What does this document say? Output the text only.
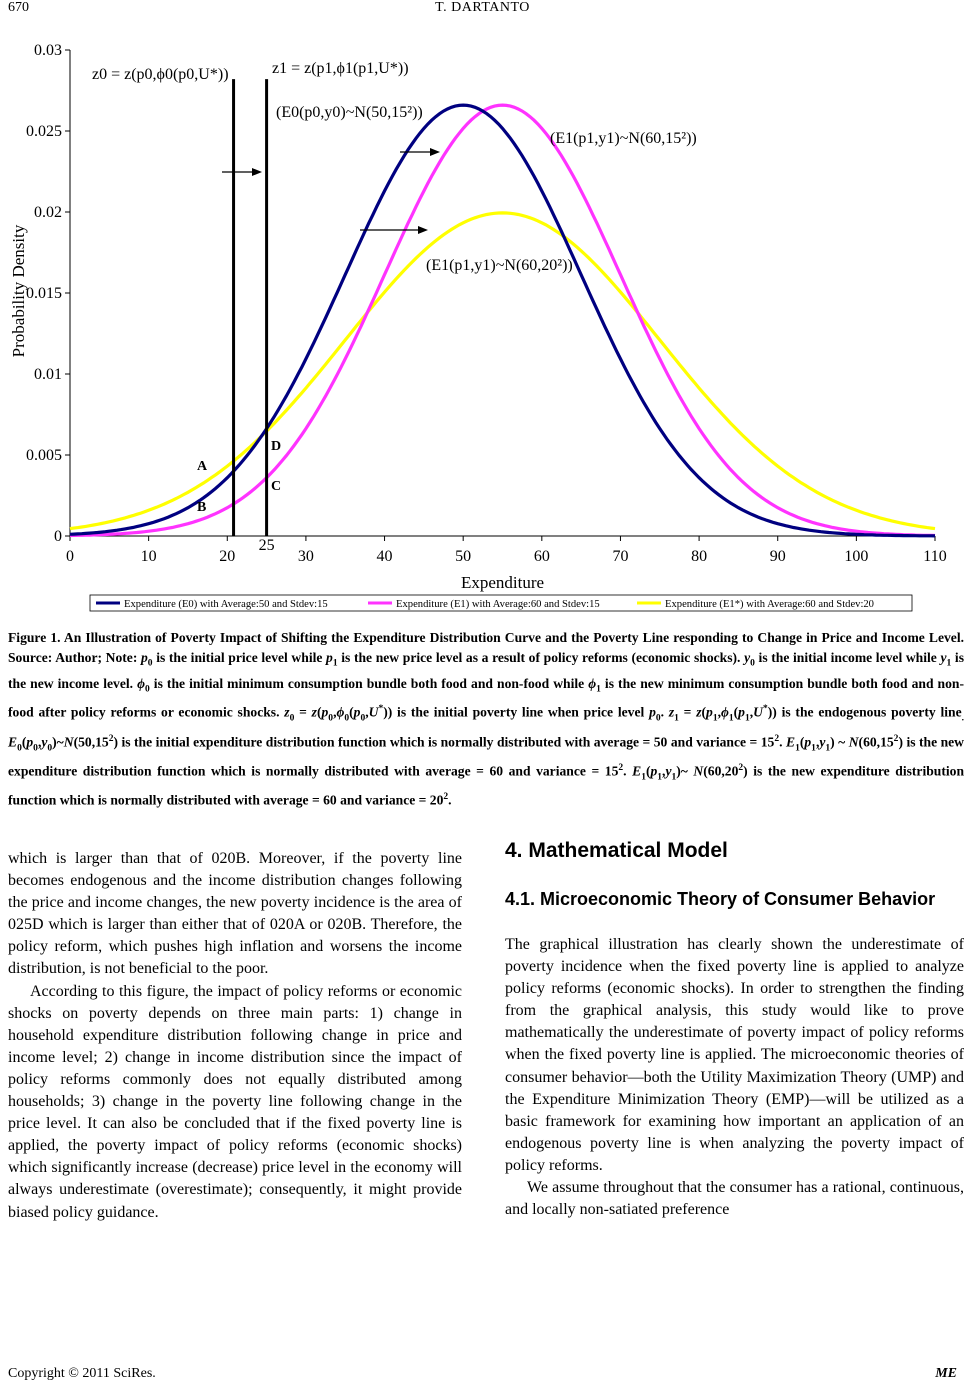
670	T. DARTANTO
0	10	20	30	40	50	60	70	80	90	100	110
0
0.005
0.01
0.015
0.02
0.025
0.03
25
Expenditure
Probability Density
z0 = z(p0,ϕ0(p0,U*))	z1 = z(p1,ϕ1(p1,U*))
(E0(p0,y0)~N(50,15²))
(E1(p1,y1)~N(60,15²))
(E1(p1,y1)~N(60,20²))
A
B
C
D
Expenditure (E0) with Average:50 and Stdev:15	Expenditure (E1) with Average:60 and Stdev:15	Expenditure (E1*) with Average:60 and Stdev:20
Figure 1. An Illustration of Poverty Impact of Shifting the Expenditure Distribution Curve and the Poverty Line responding to Change in Price and Income Level. Source: Author; Note: $p_0$ is the initial price level while $p_1$ is the new price level as a result of policy reforms (economic shocks). $y_0$ is the initial income level while $y_1$ is the new income level. $\phi_0$ is the initial minimum consumption bundle both food and non-food while $\phi_1$ is the new minimum consumption bundle both food and non-food after policy reforms or economic shocks. $z_0 = z(p_0,\phi_0(p_0,U^*))$ is the initial poverty line when price level $p_0$. $z_1 = z(p_1,\phi_1(p_1,U^*))$ is the endogenous poverty line$_.$ $E_0(p_0,y_0)\sim N(50,15^2)$ is the initial expenditure distribution function which is normally distributed with average = 50 and variance = $15^2$. $E_1(p_1,y_1)$ ~ N(60,15$^2$) is the new expenditure distribution function which is normally distributed with average = 60 and variance = $15^2$. $E_1(p_1,y_1)\sim$ N(60,20$^2$) is the new expenditure distribution function which is normally distributed with average = 60 and variance = $20^2$.

which is larger than that of 020B. Moreover, if the poverty line becomes endogenous and the income distribution changes following the price and income changes, the new poverty incidence is the area of 025D which is larger than either that of 020A or 020B. Therefore, the policy reform, which pushes high inflation and worsens the income distribution, is not beneficial to the poor.

According to this figure, the impact of policy reforms or economic shocks on poverty depends on three main parts: 1) change in household expenditure distribution following change in price and income level; 2) change in income distribution since the impact of policy reforms commonly does not equally distributed among households; 3) change in the poverty line following change in the price level. It can also be concluded that if the fixed poverty line is applied, the poverty impact of policy reforms (economic shocks) which significantly increase (decrease) price level in the economy will always underestimate (overestimate); consequently, it might provide biased policy guidance.

4. Mathematical Model
4.1. Microeconomic Theory of Consumer Behavior

The graphical illustration has clearly shown the underestimate of poverty incidence when the fixed poverty line is applied to analyze policy reforms (economic shocks). In order to strengthen the finding from the graphical analysis, this study would like to prove mathematically the underestimate of poverty impact of policy reforms when the fixed poverty line is applied. The microeconomic theories of consumer behavior—both the Utility Maximization Theory (UMP) and the Expenditure Minimization Theory (EMP)—will be utilized as a basic framework for examining how important an application of an endogenous poverty line is when analyzing the poverty impact of policy reforms.

We assume throughout that the consumer has a rational, continuous, and locally non-satiated preference

Copyright © 2011 SciRes.	ME
